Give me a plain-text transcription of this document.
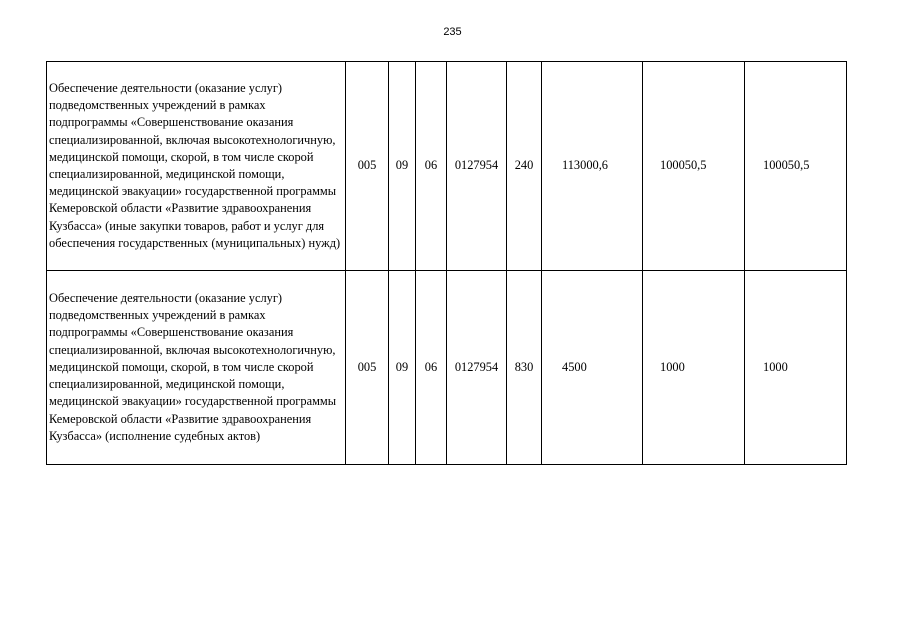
235
Обеспечение деятельности (оказание услуг) подведомственных учреждений в рамках подпрограммы «Совершенствование оказания специализированной, включая высокотехнологичную, медицинской помощи, скорой, в том числе скорой специализированной, медицинской помощи, медицинской эвакуации» государственной программы Кемеровской области «Развитие здравоохранения Кузбасса» (иные закупки товаров, работ и услуг для обеспечения государственных (муниципальных) нужд)	005	09	06	0127954	240	113000,6	100050,5	100050,5
Обеспечение деятельности (оказание услуг) подведомственных учреждений в рамках подпрограммы «Совершенствование оказания специализированной, включая высокотехнологичную, медицинской помощи, скорой, в том числе скорой специализированной, медицинской помощи, медицинской эвакуации» государственной программы Кемеровской области «Развитие здравоохранения Кузбасса» (исполнение судебных актов)	005	09	06	0127954	830	4500	1000	1000
